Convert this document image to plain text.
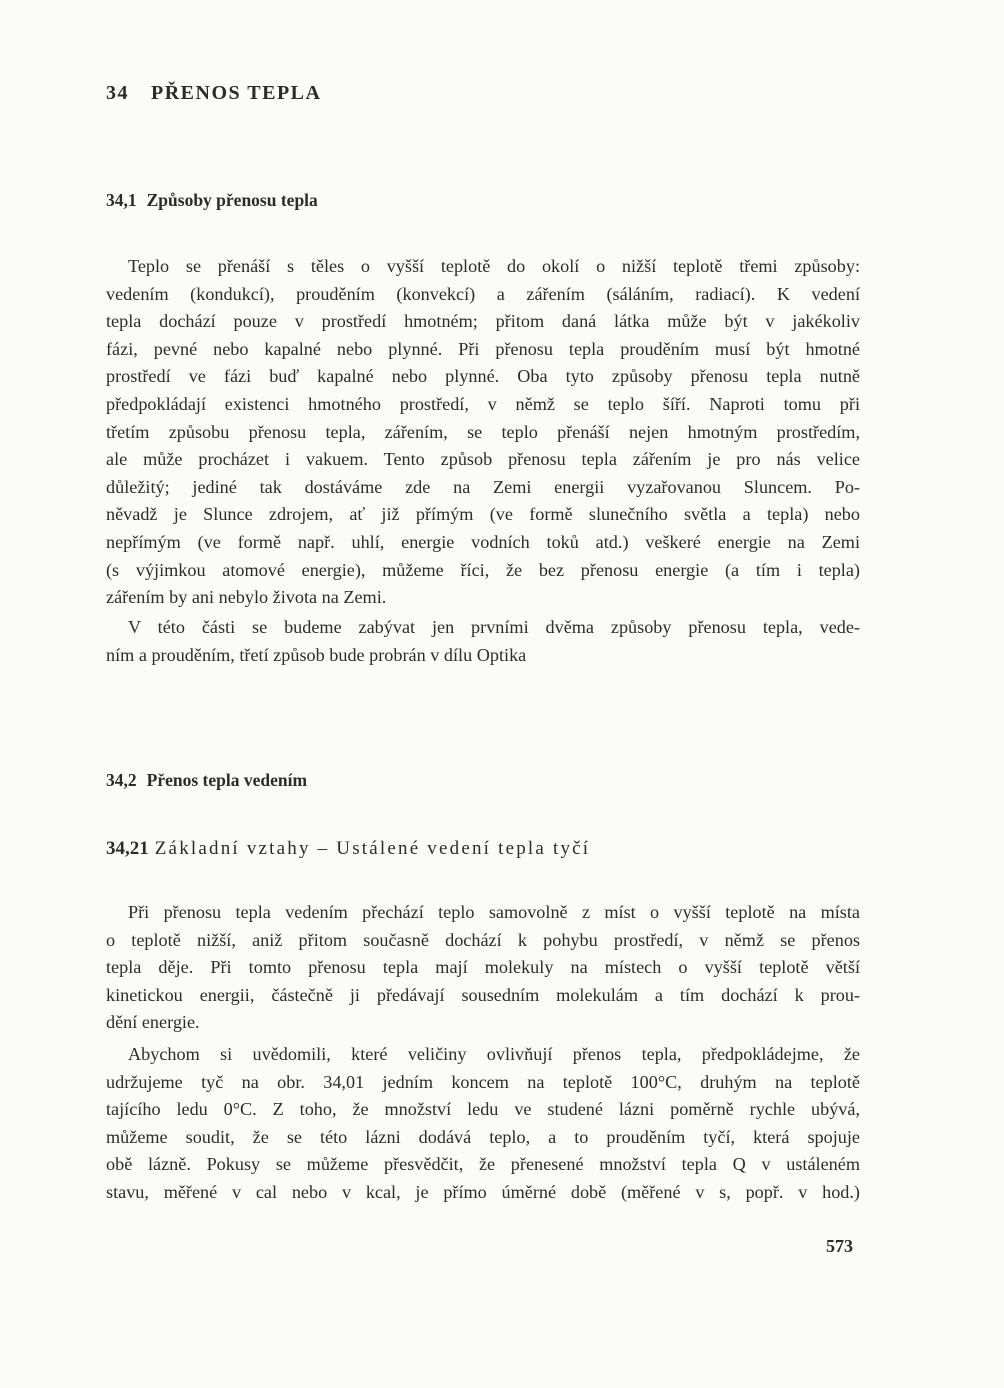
34 PŘENOS TEPLA
34,1 Způsoby přenosu tepla
Teplo se přenáší s těles o vyšší teplotě do okolí o nižší teplotě třemi způsoby:
vedením (kondukcí), prouděním (konvekcí) a zářením (sáláním, radiací). K vedení
tepla dochází pouze v prostředí hmotném; přitom daná látka může být v jakékoliv
fázi, pevné nebo kapalné nebo plynné. Při přenosu tepla prouděním musí být hmotné
prostředí ve fázi buď kapalné nebo plynné. Oba tyto způsoby přenosu tepla nutně
předpokládají existenci hmotného prostředí, v němž se teplo šíří. Naproti tomu při
třetím způsobu přenosu tepla, zářením, se teplo přenáší nejen hmotným prostředím,
ale může procházet i vakuem. Tento způsob přenosu tepla zářením je pro nás velice
důležitý; jediné tak dostáváme zde na Zemi energii vyzařovanou Sluncem. Po-
něvadž je Slunce zdrojem, ať již přímým (ve formě slunečního světla a tepla) nebo
nepřímým (ve formě např. uhlí, energie vodních toků atd.) veškeré energie na Zemi
(s výjimkou atomové energie), můžeme říci, že bez přenosu energie (a tím i tepla)
zářením by ani nebylo života na Zemi.
V této části se budeme zabývat jen prvními dvěma způsoby přenosu tepla, vede-
ním a prouděním, třetí způsob bude probrán v dílu Optika
34,2 Přenos tepla vedením
34,21 Základní vztahy – Ustálené vedení tepla tyčí
Při přenosu tepla vedením přechází teplo samovolně z míst o vyšší teplotě na místa
o teplotě nižší, aniž přitom současně dochází k pohybu prostředí, v němž se přenos
tepla děje. Při tomto přenosu tepla mají molekuly na místech o vyšší teplotě větší
kinetickou energii, částečně ji předávají sousedním molekulám a tím dochází k prou-
dění energie.
Abychom si uvědomili, které veličiny ovlivňují přenos tepla, předpokládejme, že
udržujeme tyč na obr. 34,01 jedním koncem na teplotě 100°C, druhým na teplotě
tajícího ledu 0°C. Z toho, že množství ledu ve studené lázni poměrně rychle ubývá,
můžeme soudit, že se této lázni dodává teplo, a to prouděním tyčí, která spojuje
obě lázně. Pokusy se můžeme přesvědčit, že přenesené množství tepla Q v ustáleném
stavu, měřené v cal nebo v kcal, je přímo úměrné době (měřené v s, popř. v hod.)
573
